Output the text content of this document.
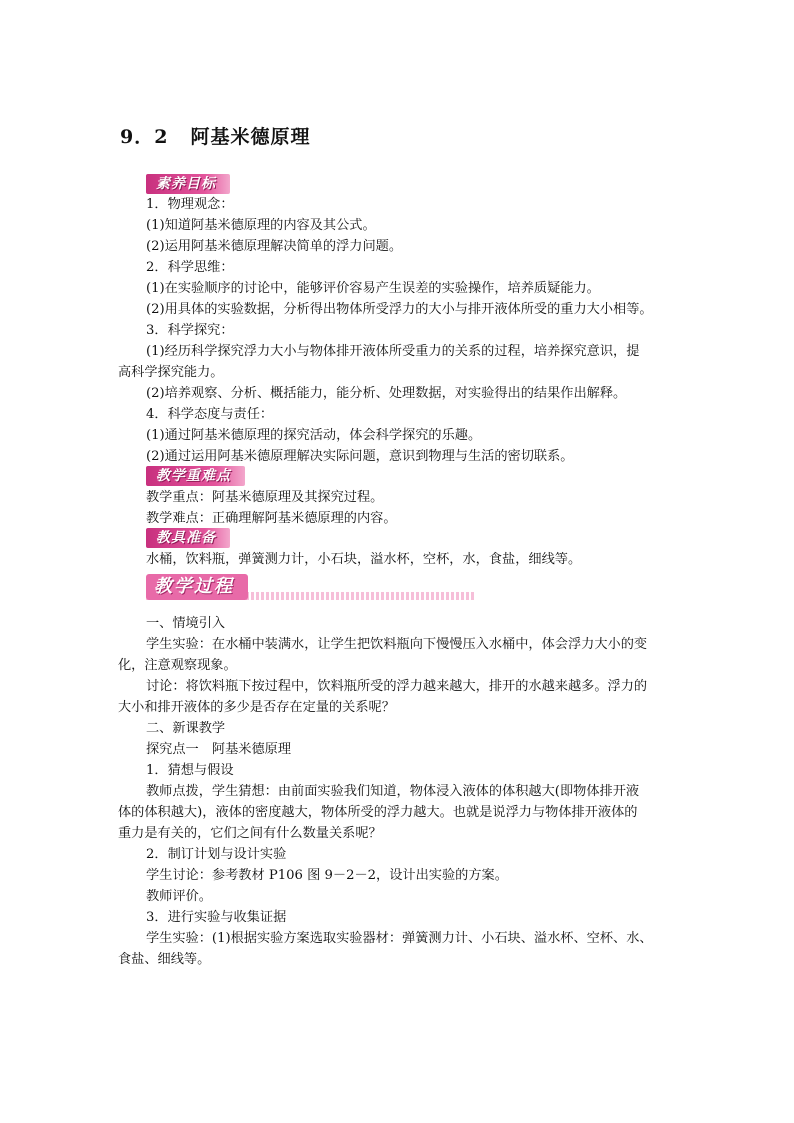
9．2 阿基米德原理
素养目标
1．物理观念：
(1)知道阿基米德原理的内容及其公式。
(2)运用阿基米德原理解决简单的浮力问题。
2．科学思维：
(1)在实验顺序的讨论中，能够评价容易产生误差的实验操作，培养质疑能力。
(2)用具体的实验数据，分析得出物体所受浮力的大小与排开液体所受的重力大小相等。
3．科学探究：
(1)经历科学探究浮力大小与物体排开液体所受重力的关系的过程，培养探究意识，提
高科学探究能力。
(2)培养观察、分析、概括能力，能分析、处理数据，对实验得出的结果作出解释。
4．科学态度与责任：
(1)通过阿基米德原理的探究活动，体会科学探究的乐趣。
(2)通过运用阿基米德原理解决实际问题，意识到物理与生活的密切联系。
教学重难点
教学重点：阿基米德原理及其探究过程。
教学难点：正确理解阿基米德原理的内容。
教具准备
水桶，饮料瓶，弹簧测力计，小石块，溢水杯，空杯，水，食盐，细线等。
教学过程
一、情境引入
学生实验：在水桶中装满水，让学生把饮料瓶向下慢慢压入水桶中，体会浮力大小的变
化，注意观察现象。
讨论：将饮料瓶下按过程中，饮料瓶所受的浮力越来越大，排开的水越来越多。浮力的
大小和排开液体的多少是否存在定量的关系呢？
二、新课教学
探究点一　阿基米德原理
1．猜想与假设
教师点拨，学生猜想：由前面实验我们知道，物体浸入液体的体积越大(即物体排开液
体的体积越大)，液体的密度越大，物体所受的浮力越大。也就是说浮力与物体排开液体的
重力是有关的，它们之间有什么数量关系呢？
2．制订计划与设计实验
学生讨论：参考教材 P106 图 9－2－2，设计出实验的方案。
教师评价。
3．进行实验与收集证据
学生实验：(1)根据实验方案选取实验器材：弹簧测力计、小石块、溢水杯、空杯、水、
食盐、细线等。
